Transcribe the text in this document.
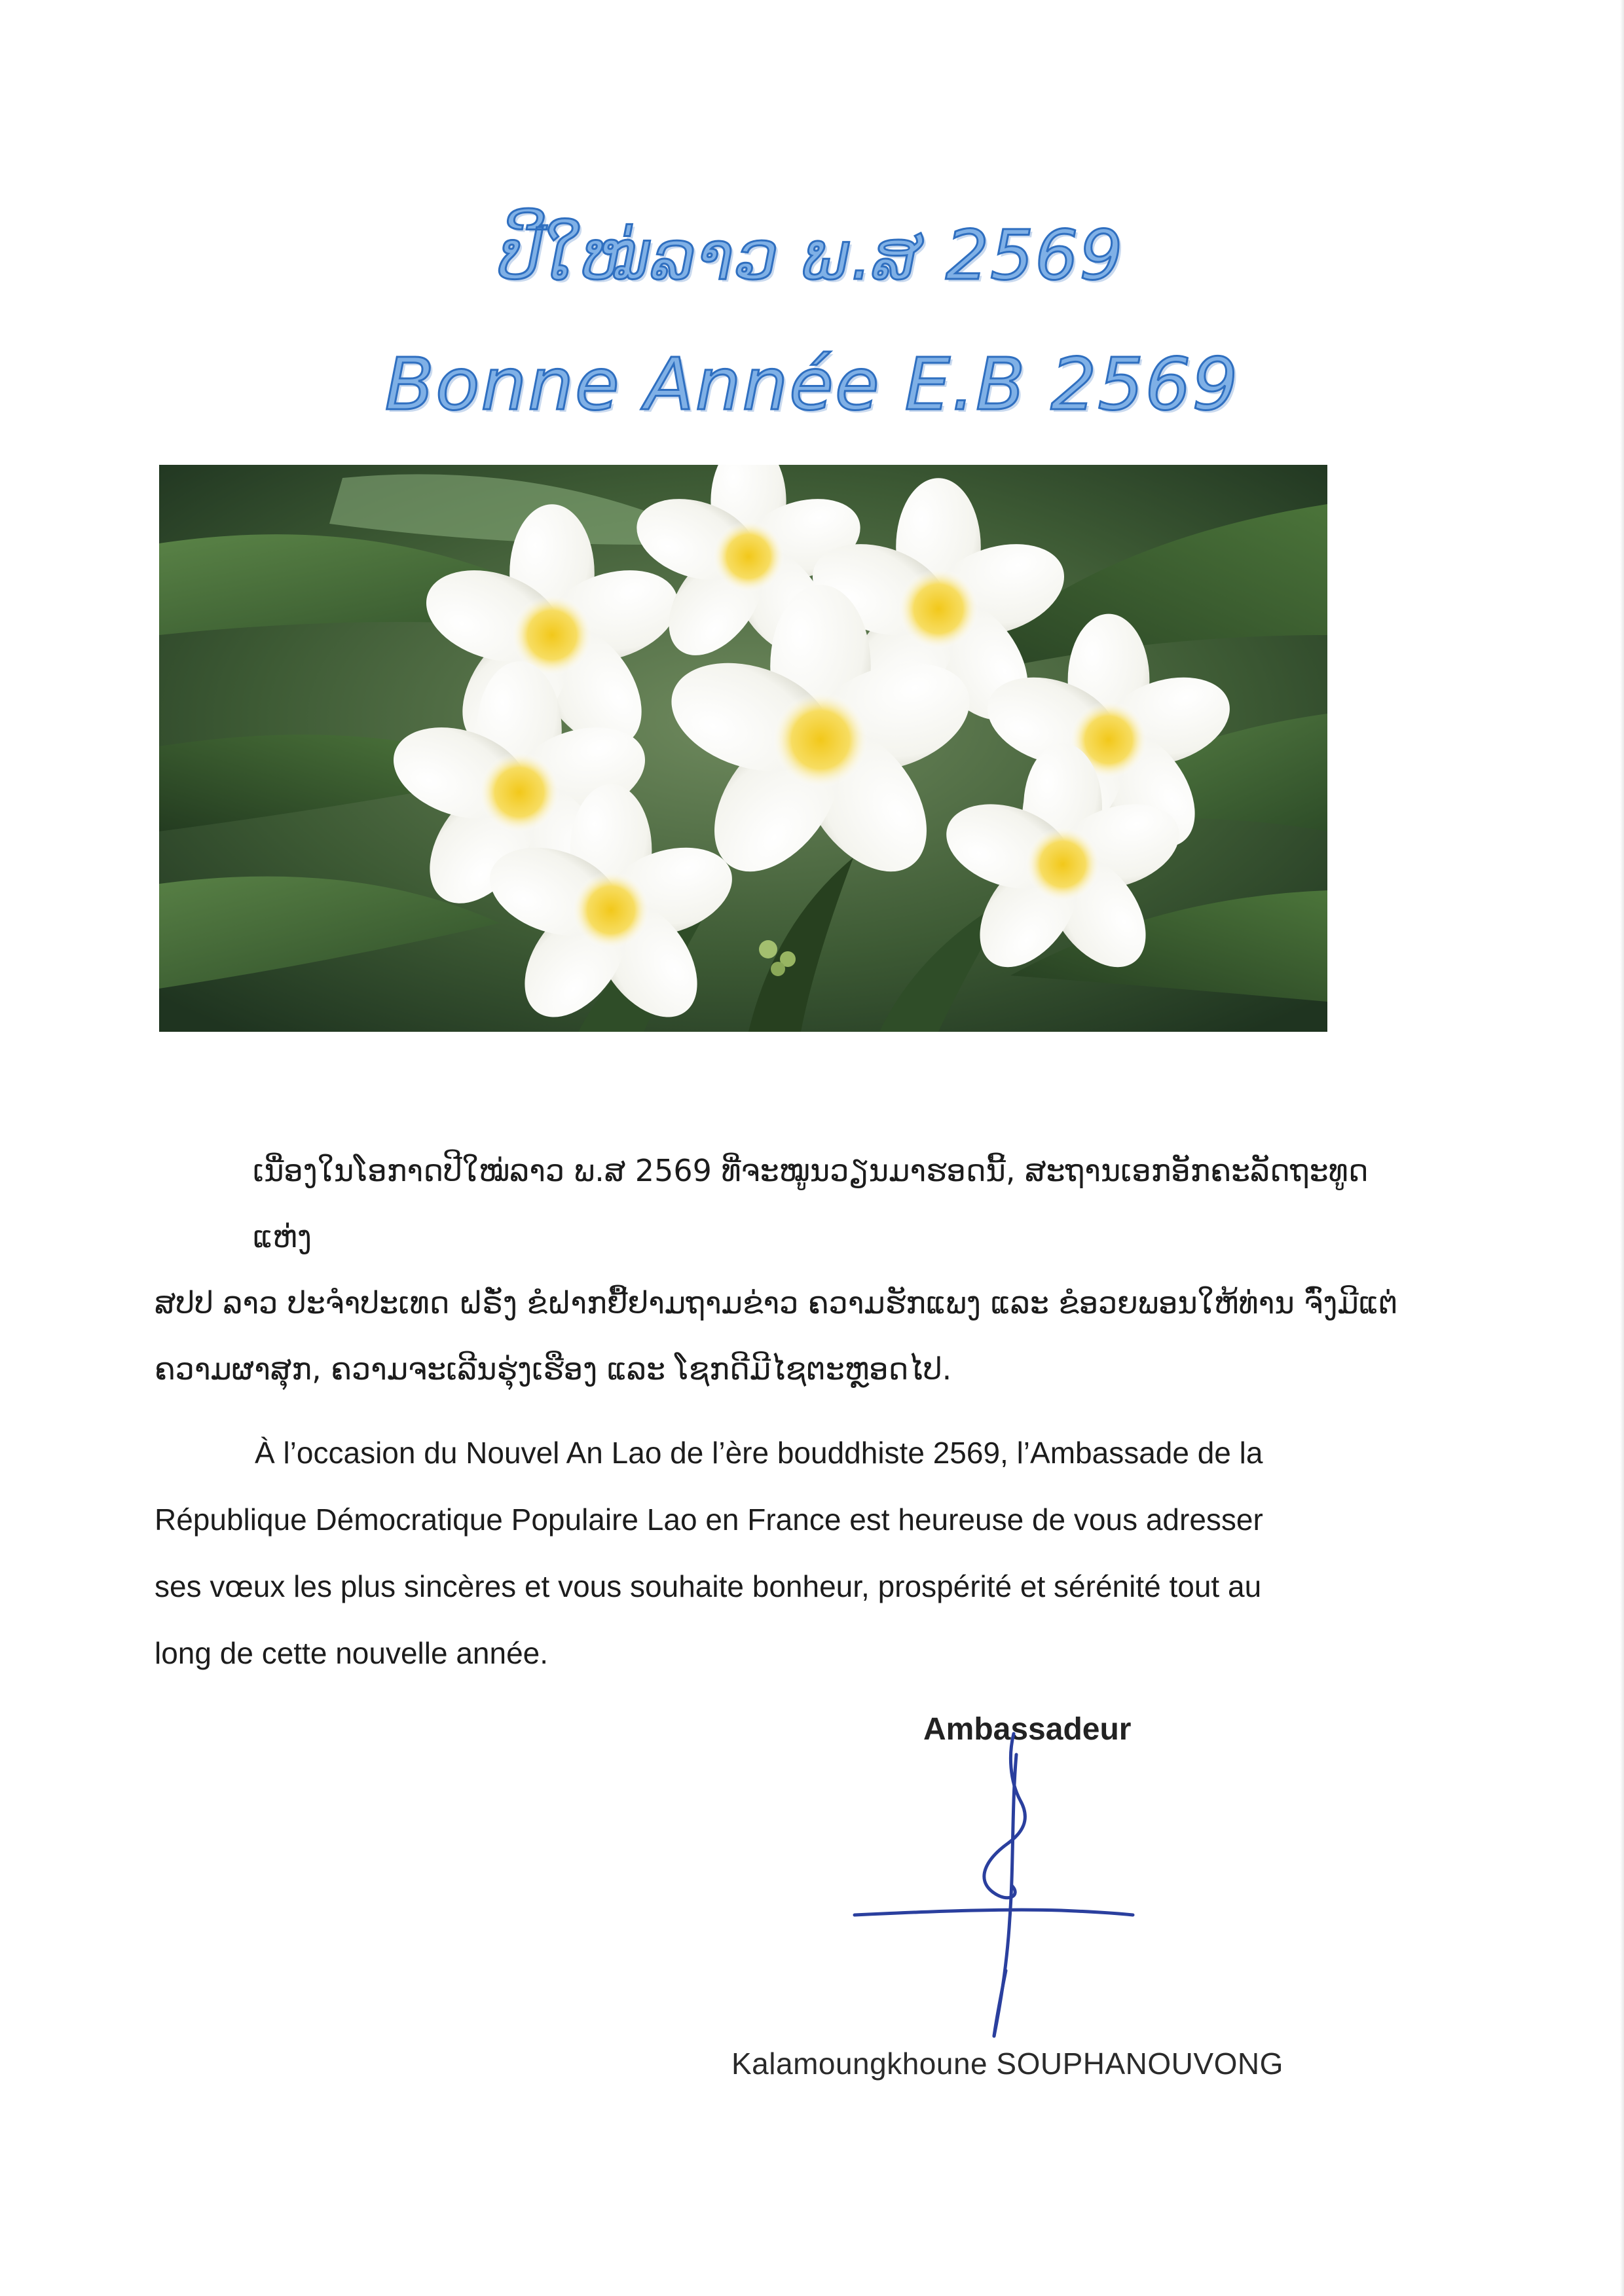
ປີໃໝ່ລາວ ພ.ສ 2569
Bonne Année E.B 2569

ເນື່ອງໃນໂອກາດປີໃໝ່ລາວ ພ.ສ 2569 ທີ່ຈະໝູນວຽນມາຮອດນີ້, ສະຖານເອກອັກຄະລັດຖະທູດ ແຫ່ງ

ສປປ ລາວ ປະຈຳປະເທດ ຝຣັ່ງ ຂໍຝາກຢື້ຢາມຖາມຂ່າວ ຄວາມຮັກແພງ ແລະ ຂໍອວຍພອນໃຫ້ທ່ານ ຈົ່ງມີແຕ່

ຄວາມຜາສຸກ, ຄວາມຈະເລີນຮຸ່ງເຮືອງ ແລະ ໂຊກດີມີໄຊຕະຫຼອດໄປ.

À l’occasion du Nouvel An Lao de l’ère bouddhiste 2569, l’Ambassade de la

République Démocratique Populaire Lao en France est heureuse de vous adresser

ses vœux les plus sincères et vous souhaite bonheur, prospérité et sérénité tout au

long de cette nouvelle année.

Ambassadeur
Kalamoungkhoune SOUPHANOUVONG
